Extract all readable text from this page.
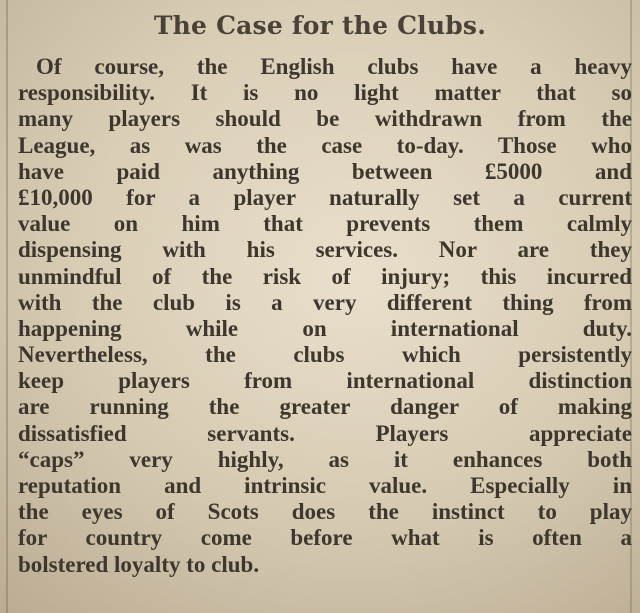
The Case for the Clubs.
Of course, the English clubs have a heavy
responsibility. It is no light matter that so
many players should be withdrawn from the
League, as was the case to-day. Those who
have paid anything between £5000 and
£10,000 for a player naturally set a current
value on him that prevents them calmly
dispensing with his services. Nor are they
unmindful of the risk of injury; this incurred
with the club is a very different thing from
happening while on international duty.
Nevertheless, the clubs which persistently
keep players from international distinction
are running the greater danger of making
dissatisfied servants. Players appreciate
“caps” very highly, as it enhances both
reputation and intrinsic value. Especially in
the eyes of Scots does the instinct to play
for country come before what is often a
bolstered loyalty to club.
